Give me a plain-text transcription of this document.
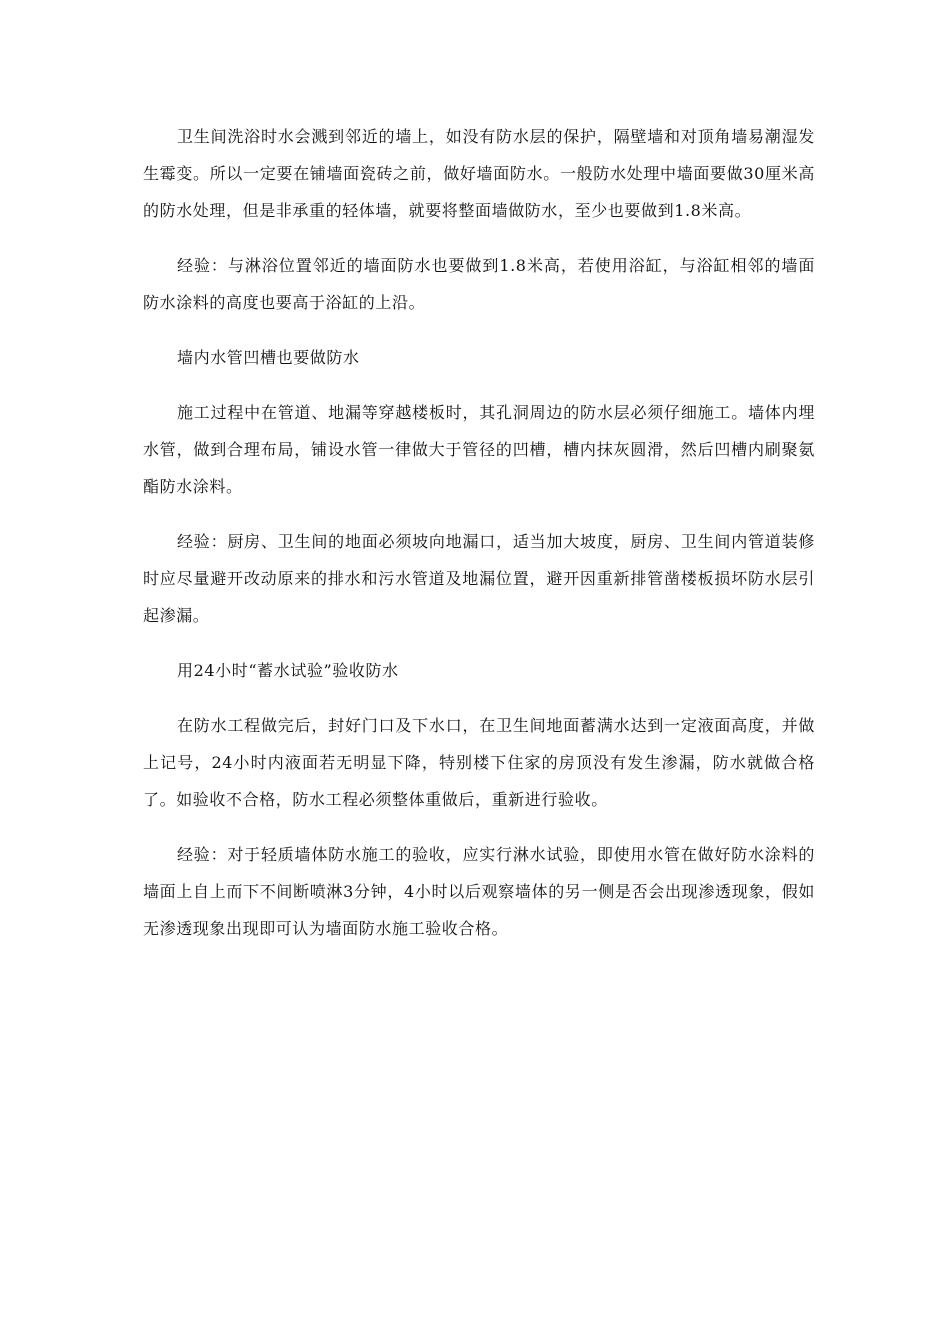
卫生间洗浴时水会溅到邻近的墙上，如没有防水层的保护，隔壁墙和对顶角墙易潮湿发生霉变。所以一定要在铺墙面瓷砖之前，做好墙面防水。一般防水处理中墙面要做30厘米高的防水处理，但是非承重的轻体墙，就要将整面墙做防水，至少也要做到1.8米高。

经验：与淋浴位置邻近的墙面防水也要做到1.8米高，若使用浴缸，与浴缸相邻的墙面防水涂料的高度也要高于浴缸的上沿。

墙内水管凹槽也要做防水

施工过程中在管道、地漏等穿越楼板时，其孔洞周边的防水层必须仔细施工。墙体内埋水管，做到合理布局，铺设水管一律做大于管径的凹槽，槽内抹灰圆滑，然后凹槽内刷聚氨酯防水涂料。

经验：厨房、卫生间的地面必须坡向地漏口，适当加大坡度，厨房、卫生间内管道装修时应尽量避开改动原来的排水和污水管道及地漏位置，避开因重新排管凿楼板损坏防水层引起渗漏。

用24小时“蓄水试验”验收防水

在防水工程做完后，封好门口及下水口，在卫生间地面蓄满水达到一定液面高度，并做上记号，24小时内液面若无明显下降，特别楼下住家的房顶没有发生渗漏，防水就做合格了。如验收不合格，防水工程必须整体重做后，重新进行验收。

经验：对于轻质墙体防水施工的验收，应实行淋水试验，即使用水管在做好防水涂料的墙面上自上而下不间断喷淋3分钟，4小时以后观察墙体的另一侧是否会出现渗透现象，假如无渗透现象出现即可认为墙面防水施工验收合格。
